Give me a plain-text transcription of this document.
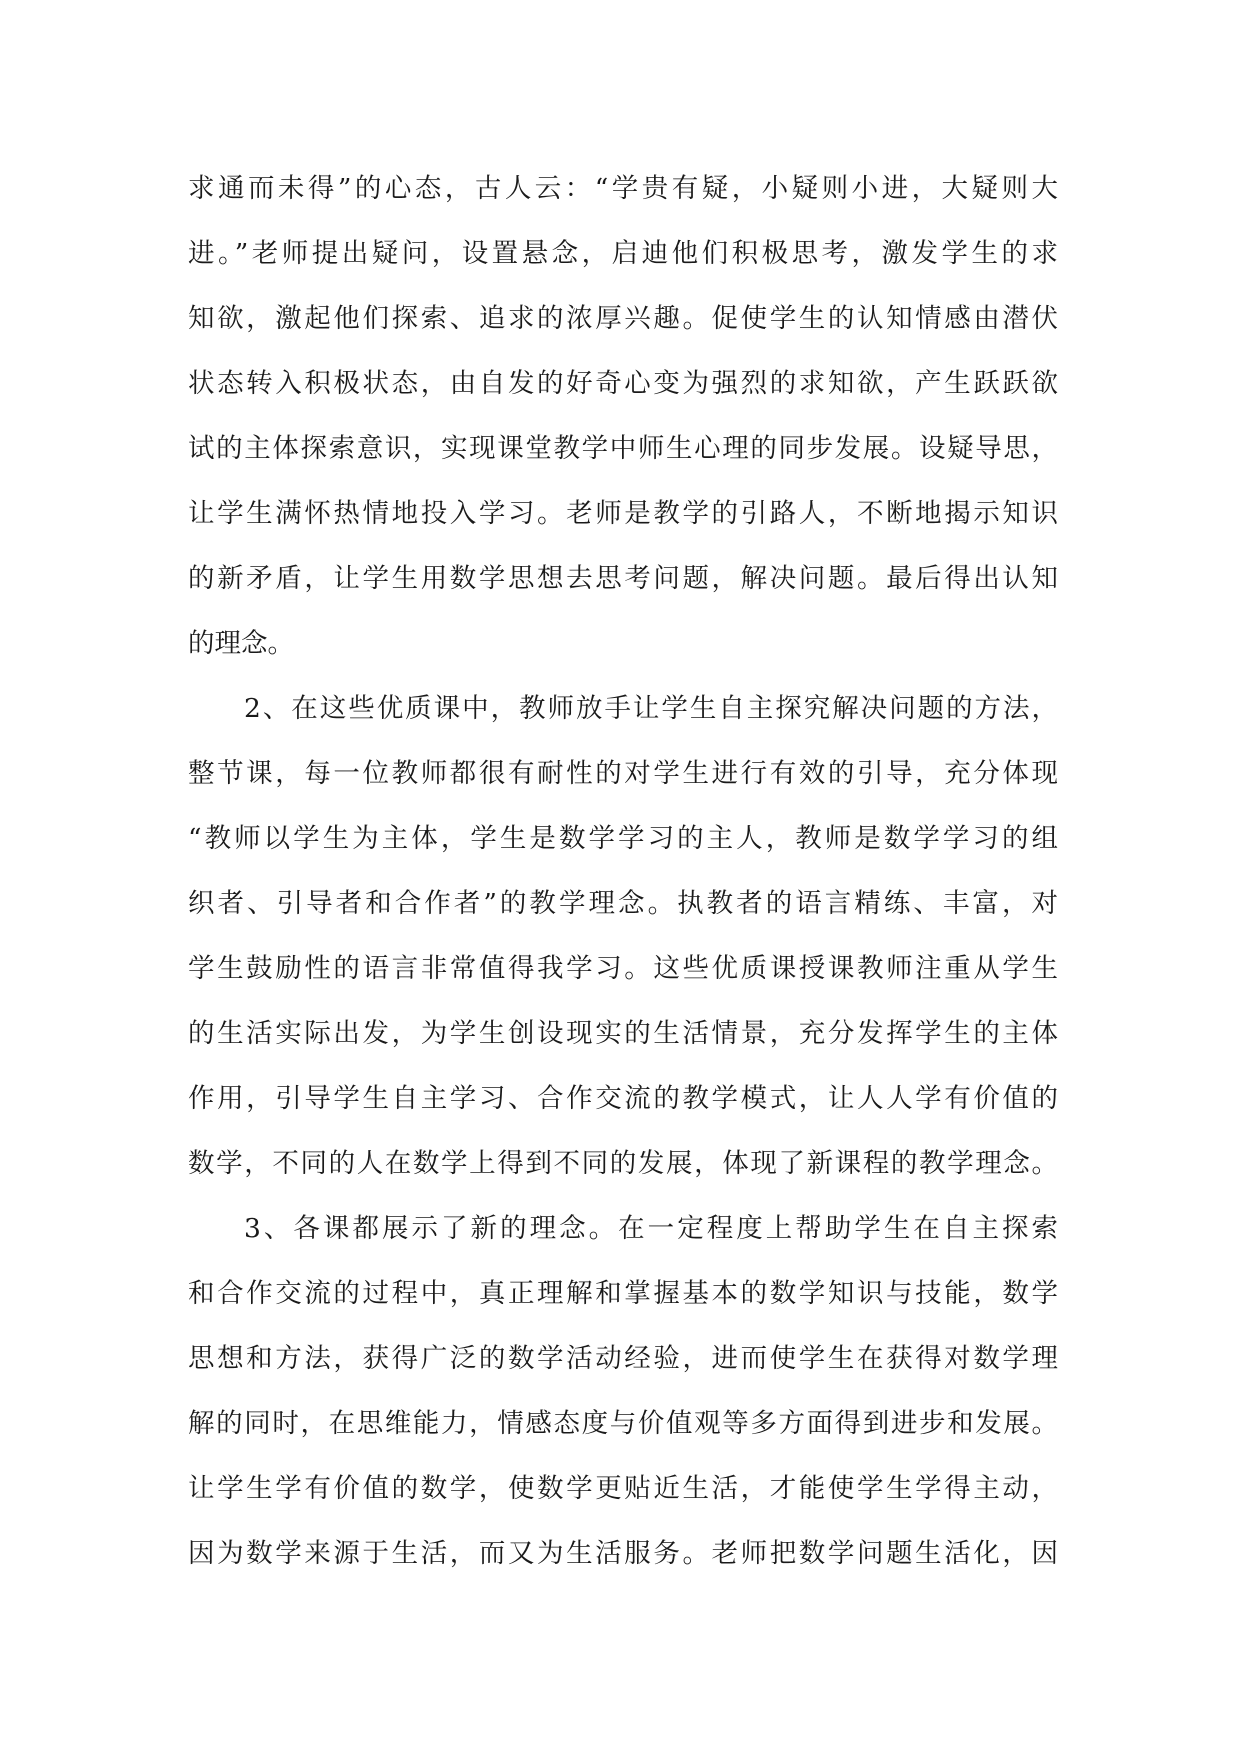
求通而未得”的心态，古人云：“学贵有疑，小疑则小进，大疑则大
进。”老师提出疑问，设置悬念，启迪他们积极思考，激发学生的求
知欲，激起他们探索、追求的浓厚兴趣。促使学生的认知情感由潜伏
状态转入积极状态，由自发的好奇心变为强烈的求知欲，产生跃跃欲
试的主体探索意识，实现课堂教学中师生心理的同步发展。设疑导思，
让学生满怀热情地投入学习。老师是教学的引路人，不断地揭示知识
的新矛盾，让学生用数学思想去思考问题，解决问题。最后得出认知
的理念。
2、在这些优质课中，教师放手让学生自主探究解决问题的方法，
整节课，每一位教师都很有耐性的对学生进行有效的引导，充分体现
“教师以学生为主体，学生是数学学习的主人，教师是数学学习的组
织者、引导者和合作者”的教学理念。执教者的语言精练、丰富，对
学生鼓励性的语言非常值得我学习。这些优质课授课教师注重从学生
的生活实际出发，为学生创设现实的生活情景，充分发挥学生的主体
作用，引导学生自主学习、合作交流的教学模式，让人人学有价值的
数学，不同的人在数学上得到不同的发展，体现了新课程的教学理念。
3、各课都展示了新的理念。在一定程度上帮助学生在自主探索
和合作交流的过程中，真正理解和掌握基本的数学知识与技能，数学
思想和方法，获得广泛的数学活动经验，进而使学生在获得对数学理
解的同时，在思维能力，情感态度与价值观等多方面得到进步和发展。
让学生学有价值的数学，使数学更贴近生活，才能使学生学得主动，
因为数学来源于生活，而又为生活服务。老师把数学问题生活化，因
